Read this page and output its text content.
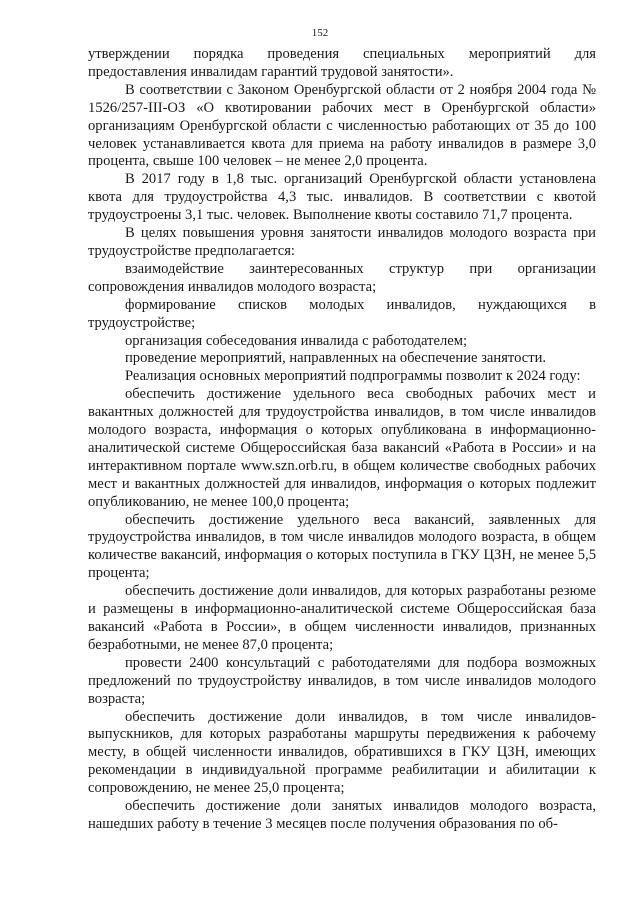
152

утверждении порядка проведения специальных мероприятий для предоставления инвалидам гарантий трудовой занятости».

В соответствии с Законом Оренбургской области от 2 ноября 2004 года № 1526/257-III-ОЗ «О квотировании рабочих мест в Оренбургской области» организациям Оренбургской области с численностью работающих от 35 до 100 человек устанавливается квота для приема на работу инвалидов в размере 3,0 процента, свыше 100 человек – не менее 2,0 процента.

В 2017 году в 1,8 тыс. организаций Оренбургской области установлена квота для трудоустройства 4,3 тыс. инвалидов. В соответствии с квотой трудоустроены 3,1 тыс. человек. Выполнение квоты составило 71,7 процента.

В целях повышения уровня занятости инвалидов молодого возраста при трудоустройстве предполагается:

взаимодействие заинтересованных структур при организации сопровождения инвалидов молодого возраста;

формирование списков молодых инвалидов, нуждающихся в трудоустройстве;

организация собеседования инвалида с работодателем;

проведение мероприятий, направленных на обеспечение занятости.

Реализация основных мероприятий подпрограммы позволит к 2024 году:

обеспечить достижение удельного веса свободных рабочих мест и вакантных должностей для трудоустройства инвалидов, в том числе инвалидов молодого возраста, информация о которых опубликована в информационно-аналитической системе Общероссийская база вакансий «Работа в России» и на интерактивном портале www.szn.orb.ru, в общем количестве свободных рабочих мест и вакантных должностей для инвалидов, информация о которых подлежит опубликованию, не менее 100,0 процента;

обеспечить достижение удельного веса вакансий, заявленных для трудоустройства инвалидов, в том числе инвалидов молодого возраста, в общем количестве вакансий, информация о которых поступила в ГКУ ЦЗН, не менее 5,5 процента;

обеспечить достижение доли инвалидов, для которых разработаны резюме и размещены в информационно-аналитической системе Общероссийская база вакансий «Работа в России», в общем численности инвалидов, признанных безработными, не менее 87,0 процента;

провести 2400 консультаций с работодателями для подбора возможных предложений по трудоустройству инвалидов, в том числе инвалидов молодого возраста;

обеспечить достижение доли инвалидов, в том числе инвалидов-выпускников, для которых разработаны маршруты передвижения к рабочему месту, в общей численности инвалидов, обратившихся в ГКУ ЦЗН, имеющих рекомендации в индивидуальной программе реабилитации и абилитации к сопровождению, не менее 25,0 процента;

обеспечить достижение доли занятых инвалидов молодого возраста, нашедших работу в течение 3 месяцев после получения образования по об-
